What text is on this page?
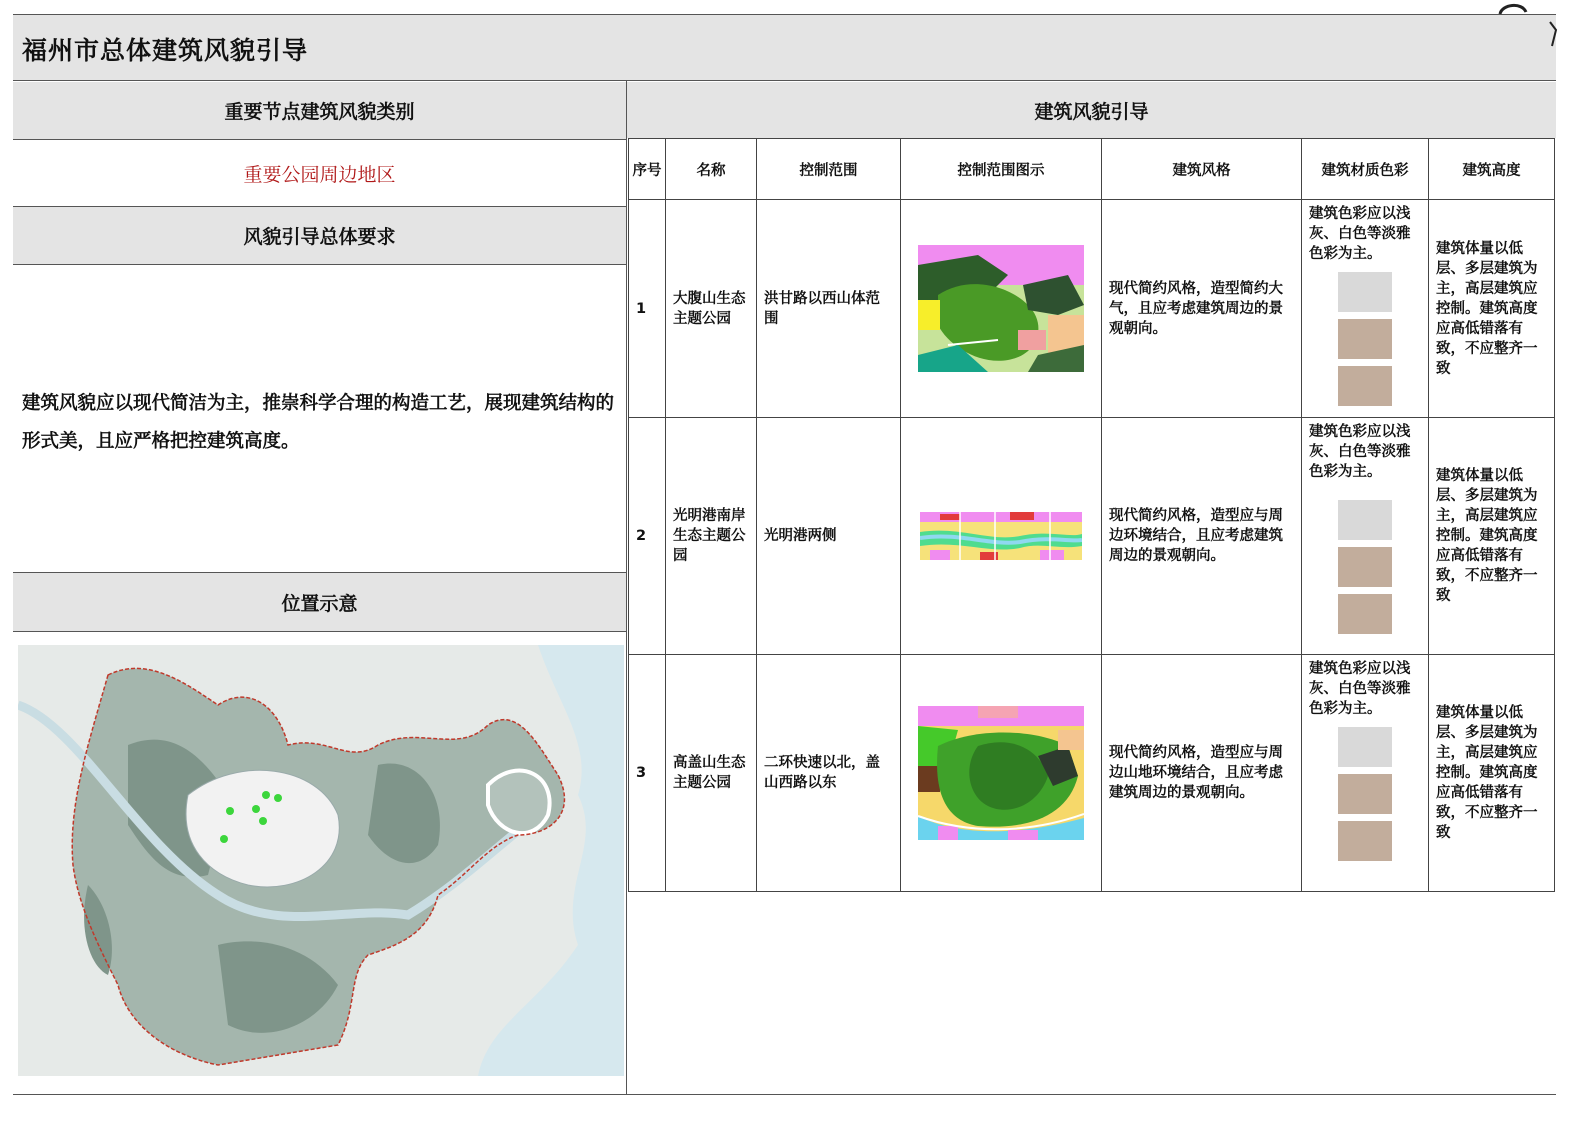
福州市总体建筑风貌引导
重要节点建筑风貌类别
重要公园周边地区
风貌引导总体要求
建筑风貌应以现代简洁为主，推崇科学合理的构造工艺，展现建筑结构的形式美，且应严格把控建筑高度。
位置示意
建筑风貌引导
序号	名称	控制范围	控制范围图示	建筑风格	建筑材质色彩	建筑高度
1	大腹山生态主题公园	洪甘路以西山体范围		现代简约风格，造型简约大气，且应考虑建筑周边的景观朝向。	建筑色彩应以浅灰、白色等淡雅色彩为主。	建筑体量以低层、多层建筑为主，高层建筑应控制。建筑高度应高低错落有致，不应整齐一致
2	光明港南岸生态主题公园	光明港两侧		现代简约风格，造型应与周边环境结合，且应考虑建筑周边的景观朝向。	建筑色彩应以浅灰、白色等淡雅色彩为主。	建筑体量以低层、多层建筑为主，高层建筑应控制。建筑高度应高低错落有致，不应整齐一致
3	高盖山生态主题公园	二环快速以北，盖山西路以东		现代简约风格，造型应与周边山地环境结合，且应考虑建筑周边的景观朝向。	建筑色彩应以浅灰、白色等淡雅色彩为主。	建筑体量以低层、多层建筑为主，高层建筑应控制。建筑高度应高低错落有致，不应整齐一致
